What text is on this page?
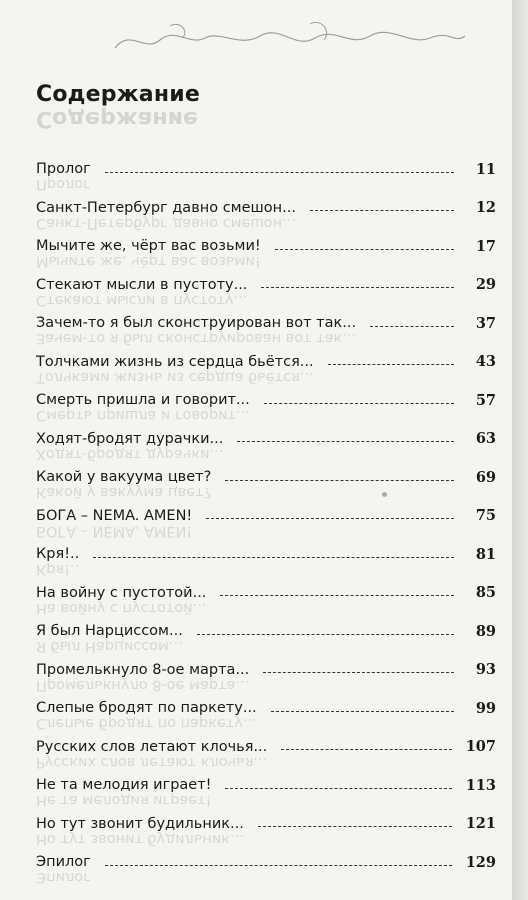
Содержание
Содержание
Пролог	11
Пролог
Санкт-Петербург давно смешон...	12
Санкт-Петербург давно смешон...
Мычите же, чёрт вас возьми!	17
Мычите же, чёрт вас возьми!
Стекают мысли в пустоту...	29
Стекают мысли в пустоту...
Зачем-то я был сконструирован вот так...	37
Зачем-то я был сконструирован вот так...
Толчками жизнь из сердца бьётся...	43
Толчками жизнь из сердца бьётся...
Смерть пришла и говорит...	57
Смерть пришла и говорит...
Ходят-бродят дурачки...	63
Ходят-бродят дурачки...
Какой у вакуума цвет?	69
Какой у вакуума цвет?
БОГА – NEMA. AMEN!	75
БОГА – NEMA. AMEN!
Кря!..	81
Кря!..
На войну с пустотой...	85
На войну с пустотой...
Я был Нарциссом...	89
Я был Нарциссом...
Промелькнуло 8-ое марта...	93
Промелькнуло 8-ое марта...
Слепые бродят по паркету...	99
Слепые бродят по паркету...
Русских слов летают клочья...	107
Русских слов летают клочья...
Не та мелодия играет!	113
Не та мелодия играет!
Но тут звонит будильник...	121
Но тут звонит будильник...
Эпилог	129
Эпилог
